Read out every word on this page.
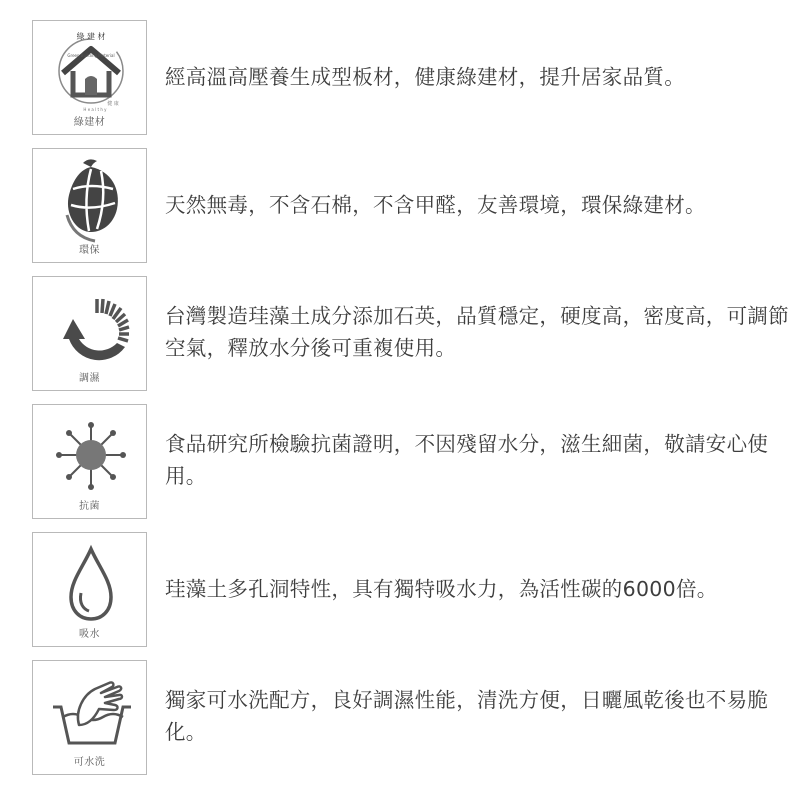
綠 建 材
Green Building Material
H e a l t h y
健 康
綠建材
經高溫高壓養生成型板材，健康綠建材，提升居家品質。
環保
天然無毒，不含石棉，不含甲醛，友善環境，環保綠建材。
調濕
台灣製造珪藻土成分添加石英，品質穩定，硬度高，密度高，可調節空氣，釋放水分後可重複使用。
抗菌
食品研究所檢驗抗菌證明，不因殘留水分，滋生細菌，敬請安心使用。
吸水
珪藻土多孔洞特性，具有獨特吸水力，為活性碳的6000倍。
可水洗
獨家可水洗配方，良好調濕性能，清洗方便，日曬風乾後也不易脆化。
